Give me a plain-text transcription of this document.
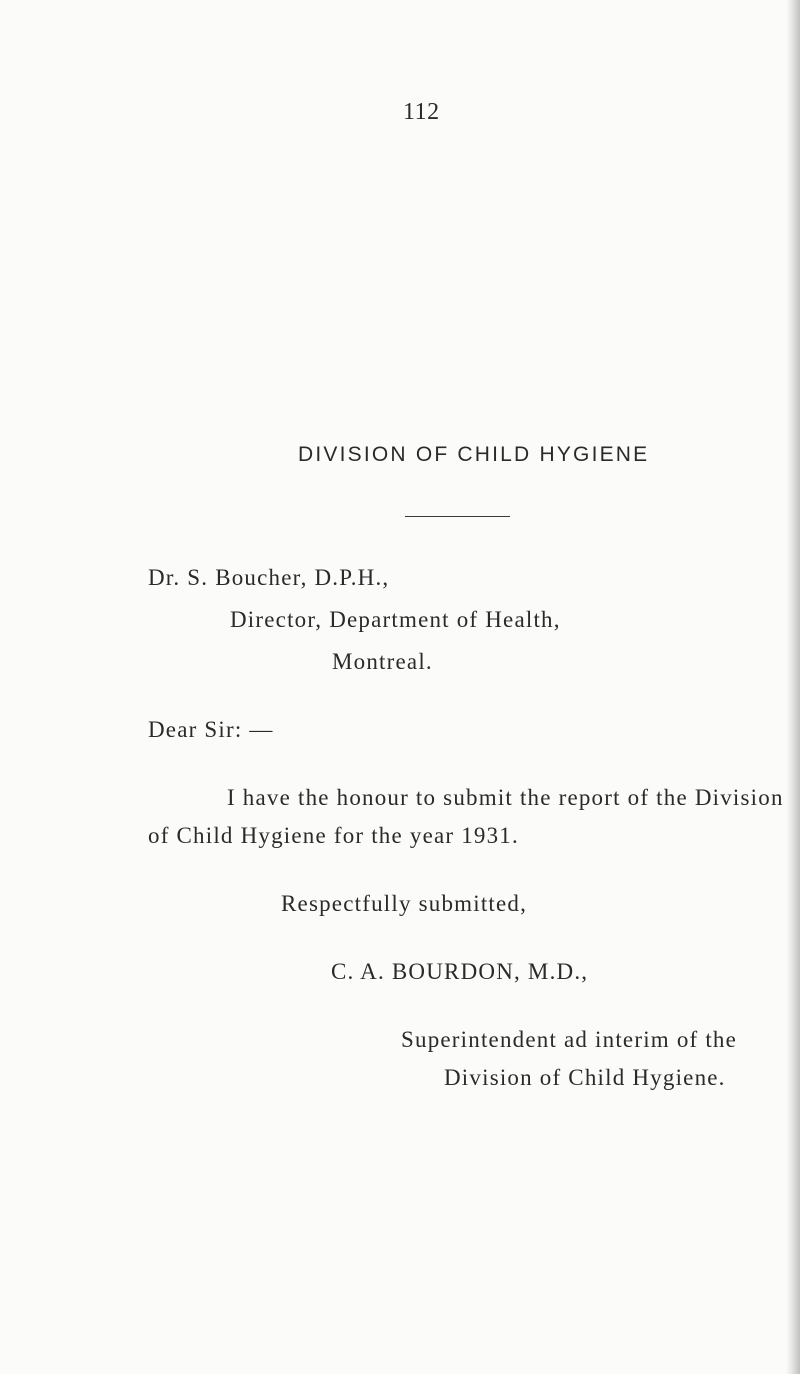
112
DIVISION OF CHILD HYGIENE
Dr. S. Boucher, D.P.H.,
Director, Department of Health,
Montreal.
Dear Sir: —
I have the honour to submit the report of the Division
of Child Hygiene for the year 1931.
Respectfully submitted,
C. A. BOURDON, M.D.,
Superintendent ad interim of the
Division of Child Hygiene.
